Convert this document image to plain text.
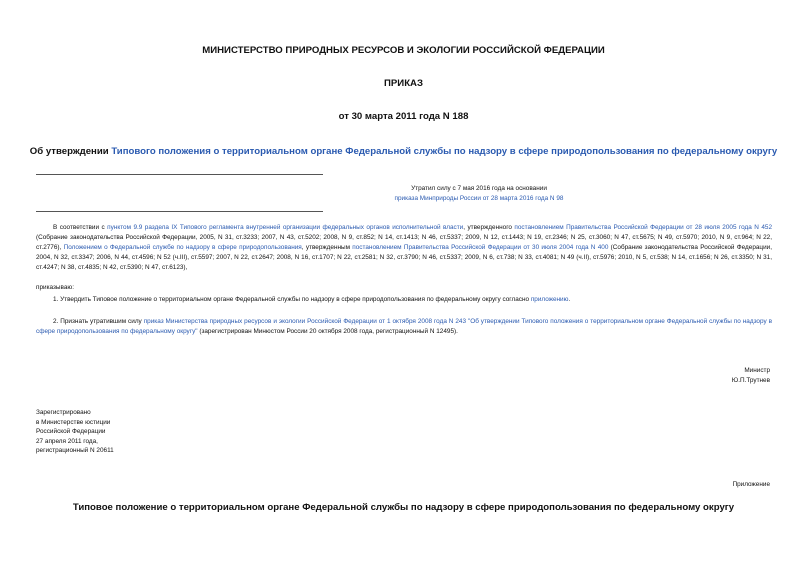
МИНИСТЕРСТВО ПРИРОДНЫХ РЕСУРСОВ И ЭКОЛОГИИ РОССИЙСКОЙ ФЕДЕРАЦИИ
ПРИКАЗ
от 30 марта 2011 года N 188
Об утверждении Типового положения о территориальном органе Федеральной службы по надзору в сфере природопользования по федеральному округу
Утратил силу с 7 мая 2016 года на основании
приказа Минприроды России от 28 марта 2016 года N 98
В соответствии с пунктом 9.9 раздела IX Типового регламента внутренней организации федеральных органов исполнительной власти, утвержденного постановлением Правительства Российской Федерации от 28 июля 2005 года N 452 (Собрание законодательства Российской Федерации, 2005, N 31, ст.3233; 2007, N 43, ст.5202; 2008, N 9, ст.852; N 14, ст.1413; N 46, ст.5337; 2009, N 12, ст.1443; N 19, ст.2346; N 25, ст.3060; N 47, ст.5675; N 49, ст.5970; 2010, N 9, ст.964; N 22, ст.2776), Положением о Федеральной службе по надзору в сфере природопользования, утвержденным постановлением Правительства Российской Федерации от 30 июля 2004 года N 400 (Собрание законодательства Российской Федерации, 2004, N 32, ст.3347; 2006, N 44, ст.4596; N 52 (ч.III), ст.5597; 2007, N 22, ст.2647; 2008, N 16, ст.1707; N 22, ст.2581; N 32, ст.3790; N 46, ст.5337; 2009, N 6, ст.738; N 33, ст.4081; N 49 (ч.II), ст.5976; 2010, N 5, ст.538; N 14, ст.1656; N 26, ст.3350; N 31, ст.4247; N 38, ст.4835; N 42, ст.5390; N 47, ст.6123),
приказываю:
1. Утвердить Типовое положение о территориальном органе Федеральной службы по надзору в сфере природопользования по федеральному округу согласно приложению.
2. Признать утратившим силу приказ Министерства природных ресурсов и экологии Российской Федерации от 1 октября 2008 года N 243 "Об утверждении Типового положения о территориальном органе Федеральной службы по надзору в сфере природопользования по федеральному округу" (зарегистрирован Минюстом России 20 октября 2008 года, регистрационный N 12495).
Министр
Ю.П.Трутнев
Зарегистрировано
в Министерстве юстиции
Российской Федерации
27 апреля 2011 года,
регистрационный N 20611
Приложение
Типовое положение о территориальном органе Федеральной службы по надзору в сфере природопользования по федеральному округу
